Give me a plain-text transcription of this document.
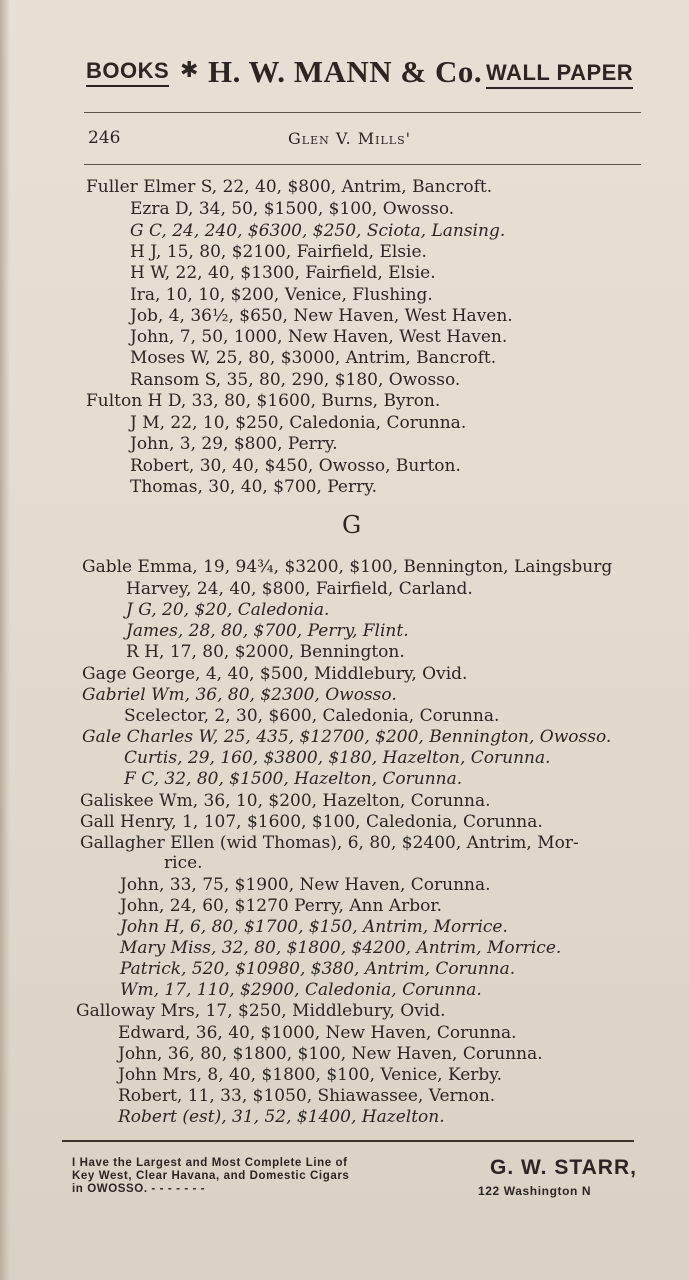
BOOKS ✱ H. W. MANN & Co. WALL PAPER
246	Glen V. Mills'
Fuller Elmer S, 22, 40, $800, Antrim, Bancroft.
Ezra D, 34, 50, $1500, $100, Owosso.
G C, 24, 240, $6300, $250, Sciota, Lansing.
H J, 15, 80, $2100, Fairfield, Elsie.
H W, 22, 40, $1300, Fairfield, Elsie.
Ira, 10, 10, $200, Venice, Flushing.
Job, 4, 36½, $650, New Haven, West Haven.
John, 7, 50, 1000, New Haven, West Haven.
Moses W, 25, 80, $3000, Antrim, Bancroft.
Ransom S, 35, 80, 290, $180, Owosso.
Fulton H D, 33, 80, $1600, Burns, Byron.
J M, 22, 10, $250, Caledonia, Corunna.
John, 3, 29, $800, Perry.
Robert, 30, 40, $450, Owosso, Burton.
Thomas, 30, 40, $700, Perry.
G
Gable Emma, 19, 94¾, $3200, $100, Bennington, Laingsburg
Harvey, 24, 40, $800, Fairfield, Carland.
J G, 20, $20, Caledonia.
James, 28, 80, $700, Perry, Flint.
R H, 17, 80, $2000, Bennington.
Gage George, 4, 40, $500, Middlebury, Ovid.
Gabriel Wm, 36, 80, $2300, Owosso.
Scelector, 2, 30, $600, Caledonia, Corunna.
Gale Charles W, 25, 435, $12700, $200, Bennington, Owosso.
Curtis, 29, 160, $3800, $180, Hazelton, Corunna.
F C, 32, 80, $1500, Hazelton, Corunna.
Galiskee Wm, 36, 10, $200, Hazelton, Corunna.
Gall Henry, 1, 107, $1600, $100, Caledonia, Corunna.
Gallagher Ellen (wid Thomas), 6, 80, $2400, Antrim, Mor-
rice.
John, 33, 75, $1900, New Haven, Corunna.
John, 24, 60, $1270 Perry, Ann Arbor.
John H, 6, 80, $1700, $150, Antrim, Morrice.
Mary Miss, 32, 80, $1800, $4200, Antrim, Morrice.
Patrick, 520, $10980, $380, Antrim, Corunna.
Wm, 17, 110, $2900, Caledonia, Corunna.
Galloway Mrs, 17, $250, Middlebury, Ovid.
Edward, 36, 40, $1000, New Haven, Corunna.
John, 36, 80, $1800, $100, New Haven, Corunna.
John Mrs, 8, 40, $1800, $100, Venice, Kerby.
Robert, 11, 33, $1050, Shiawassee, Vernon.
Robert (est), 31, 52, $1400, Hazelton.
I Have the Largest and Most Complete Line of
Key West, Clear Havana, and Domestic Cigars
in OWOSSO. - - - - - - -
G. W. STARR,
122 Washington N
